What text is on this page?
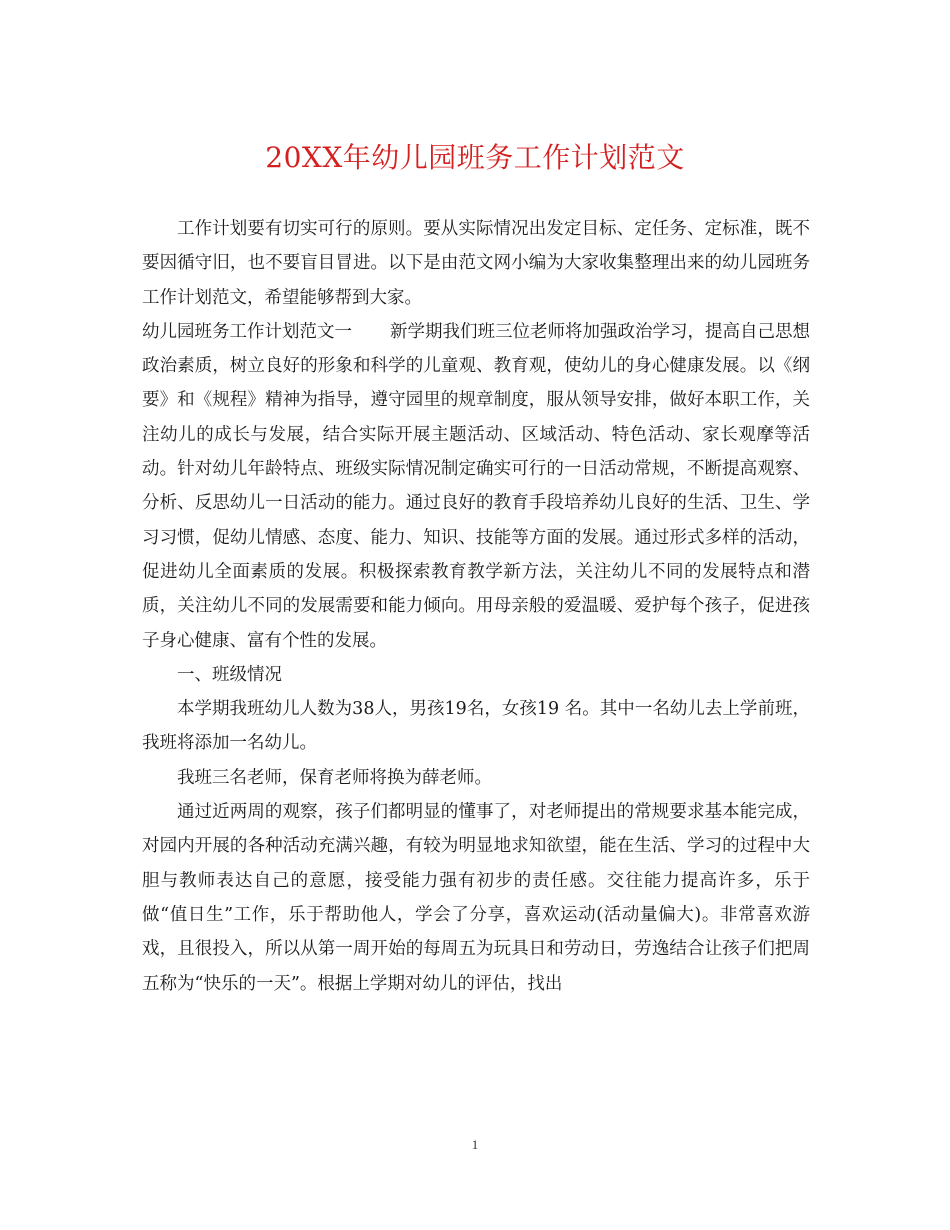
20XX年幼儿园班务工作计划范文

工作计划要有切实可行的原则。要从实际情况出发定目标、定任务、定标准，既不要因循守旧，也不要盲目冒进。以下是由范文网小编为大家收集整理出来的幼儿园班务工作计划范文，希望能够帮到大家。

幼儿园班务工作计划范文一 新学期我们班三位老师将加强政治学习，提高自己思想政治素质，树立良好的形象和科学的儿童观、教育观，使幼儿的身心健康发展。以《纲要》和《规程》精神为指导，遵守园里的规章制度，服从领导安排，做好本职工作，关注幼儿的成长与发展，结合实际开展主题活动、区域活动、特色活动、家长观摩等活动。针对幼儿年龄特点、班级实际情况制定确实可行的一日活动常规，不断提高观察、分析、反思幼儿一日活动的能力。通过良好的教育手段培养幼儿良好的生活、卫生、学习习惯，促幼儿情感、态度、能力、知识、技能等方面的发展。通过形式多样的活动，促进幼儿全面素质的发展。积极探索教育教学新方法，关注幼儿不同的发展特点和潜质，关注幼儿不同的发展需要和能力倾向。用母亲般的爱温暖、爱护每个孩子，促进孩子身心健康、富有个性的发展。

一、班级情况

本学期我班幼儿人数为38人，男孩19名，女孩19 名。其中一名幼儿去上学前班，我班将添加一名幼儿。

我班三名老师，保育老师将换为薛老师。

通过近两周的观察，孩子们都明显的懂事了，对老师提出的常规要求基本能完成，对园内开展的各种活动充满兴趣，有较为明显地求知欲望，能在生活、学习的过程中大胆与教师表达自己的意愿，接受能力强有初步的责任感。交往能力提高许多，乐于做“值日生”工作，乐于帮助他人，学会了分享，喜欢运动(活动量偏大)。非常喜欢游戏，且很投入，所以从第一周开始的每周五为玩具日和劳动日，劳逸结合让孩子们把周五称为“快乐的一天”。根据上学期对幼儿的评估，找出

1
